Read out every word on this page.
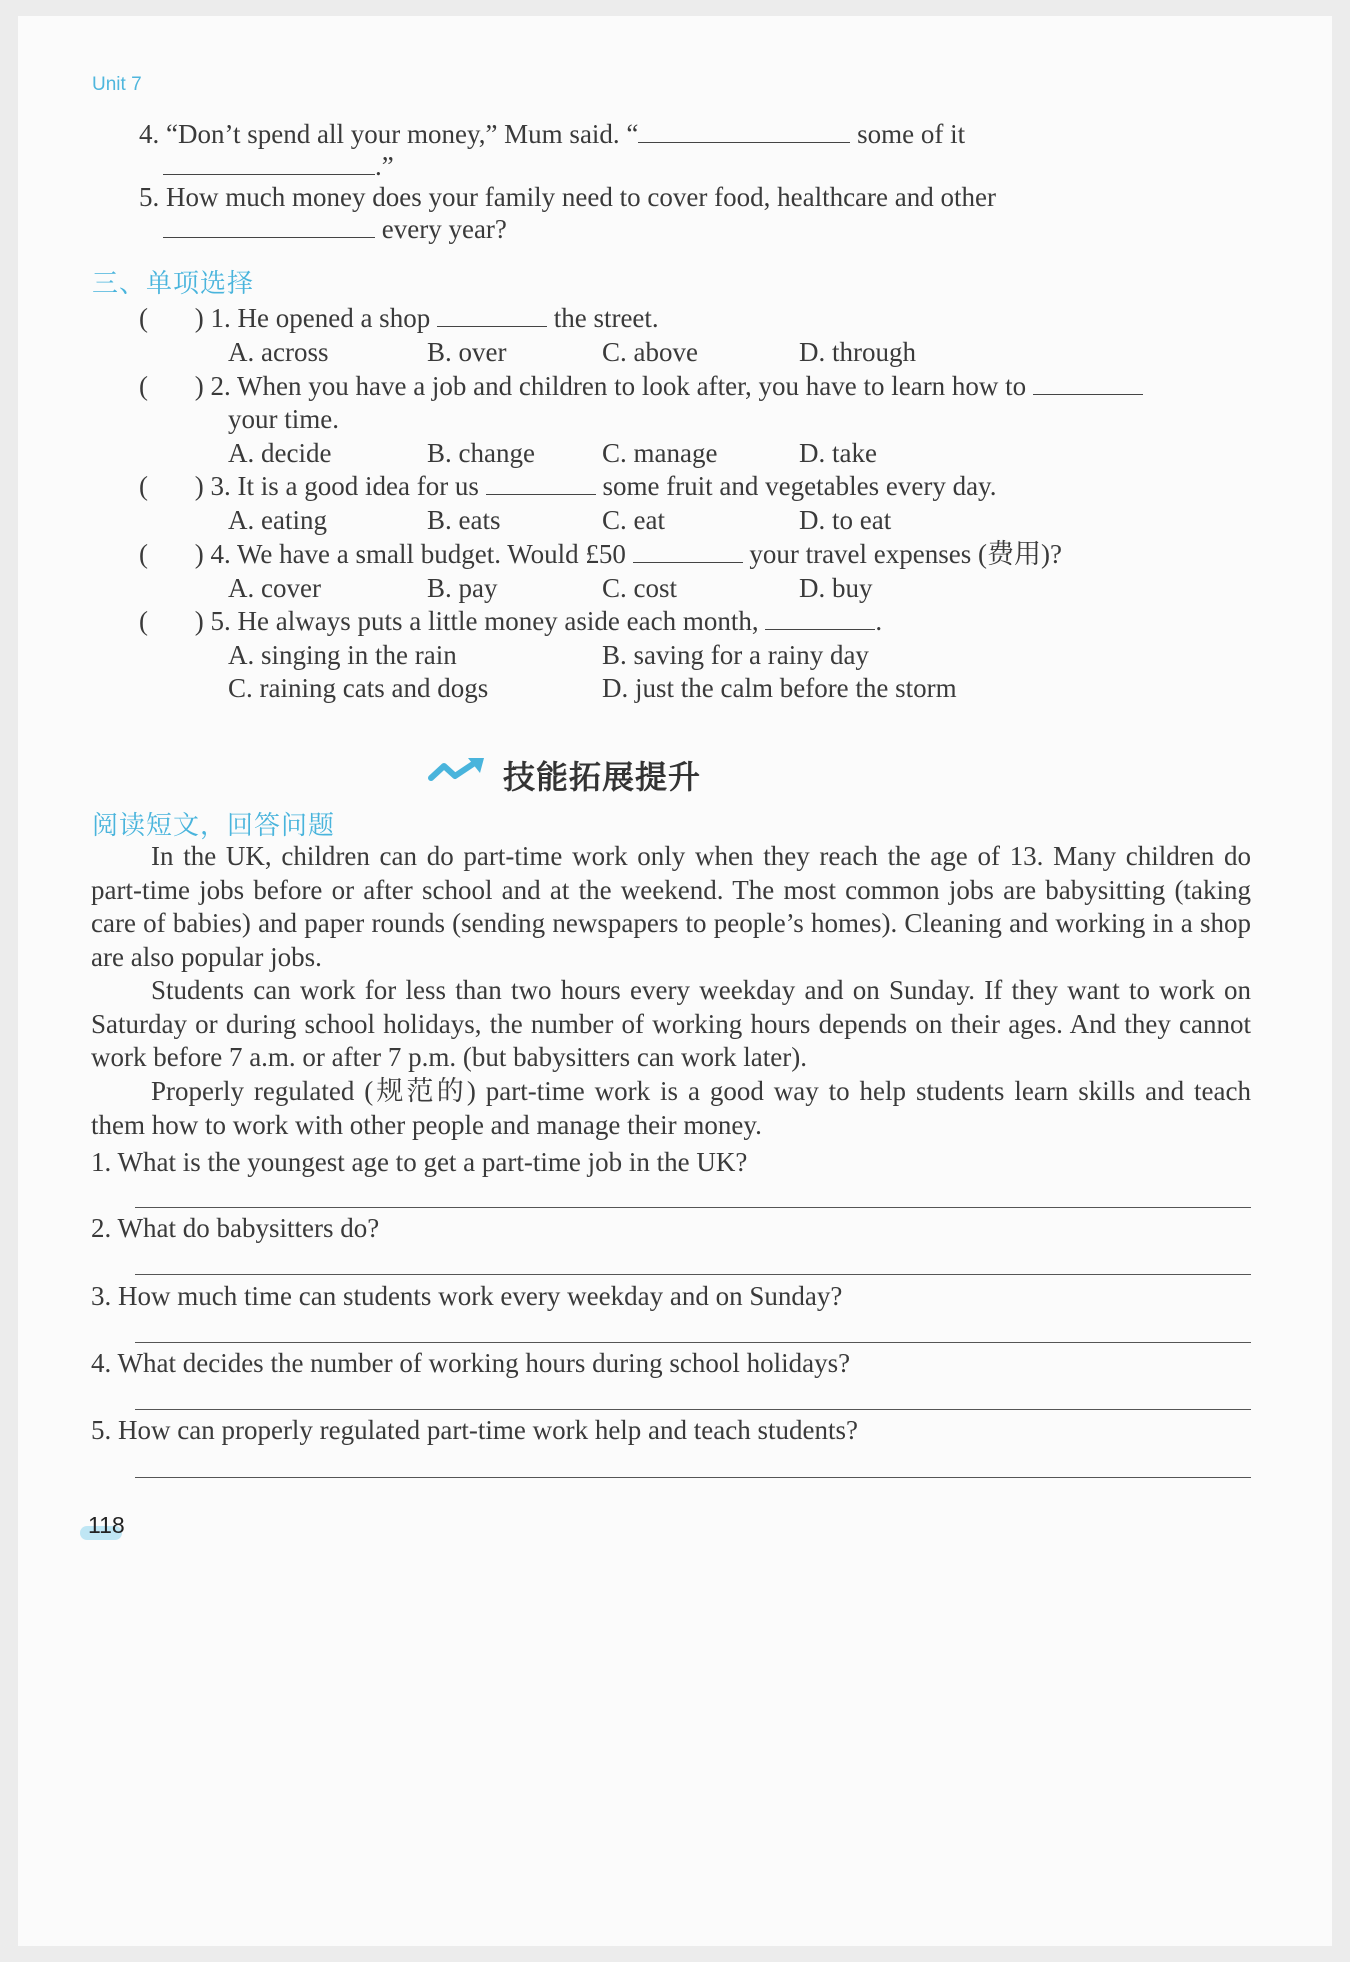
Unit 7
4. “Don’t spend all your money,” Mum said. “	some of it
.”
5. How much money does your family need to cover food, healthcare and other
every year?
三、单项选择
( ) 1. He opened a shop	the street.
A. across	B. over	C. above	D. through
( ) 2. When you have a job and children to look after, you have to learn how to
your time.
A. decide	B. change C. manage	D. take
( ) 3. It is a good idea for us	some fruit and vegetables every day.
A. eating	B. eats	C. eat	D. to eat
( ) 4. We have a small budget. Would £50	your travel expenses (费用)?
A. cover	B. pay	C. cost	D. buy
( ) 5. He always puts a little money aside each month,	.
A. singing in the rain	B. saving for a rainy day
C. raining cats and dogs	D. just the calm before the storm
技能拓展提升
阅读短文，回答问题
In the UK, children can do part-time work only when they reach the age of 13. Many children do part-time jobs before or after school and at the weekend. The most common jobs are babysitting (taking care of babies) and paper rounds (sending newspapers to people’s homes). Cleaning and working in a shop are also popular jobs.
Students can work for less than two hours every weekday and on Sunday. If they want to work on Saturday or during school holidays, the number of working hours depends on their ages. And they cannot work before 7 a.m. or after 7 p.m. (but babysitters can work later).
Properly regulated (规范的) part-time work is a good way to help students learn skills and teach them how to work with other people and manage their money.
1. What is the youngest age to get a part-time job in the UK?
2. What do babysitters do?
3. How much time can students work every weekday and on Sunday?
4. What decides the number of working hours during school holidays?
5. How can properly regulated part-time work help and teach students?
118
